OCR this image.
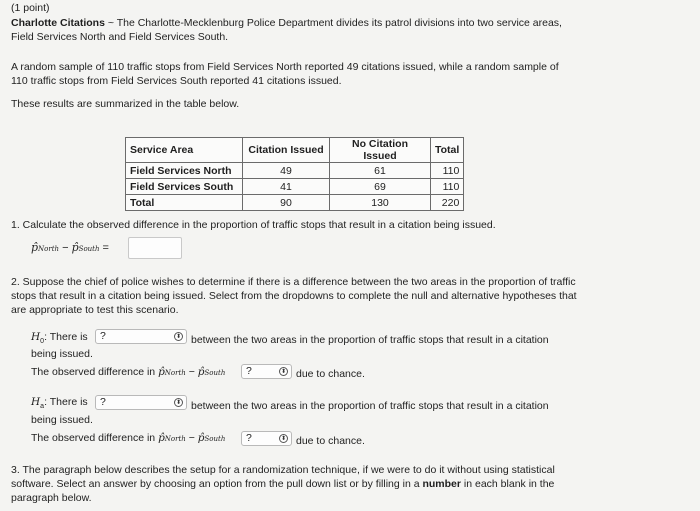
(1 point)
Charlotte Citations ~ The Charlotte-Mecklenburg Police Department divides its patrol divisions into two service areas,
Field Services North and Field Services South.
A random sample of 110 traffic stops from Field Services North reported 49 citations issued, while a random sample of
110 traffic stops from Field Services South reported 41 citations issued.
These results are summarized in the table below.
Service Area	Citation Issued	No Citation Issued	Total
Field Services North	49	61	110
Field Services South	41	69	110
Total	90	130	220
1. Calculate the observed difference in the proportion of traffic stops that result in a citation being issued.
p̂North − p̂South =
2. Suppose the chief of police wishes to determine if there is a difference between the two areas in the proportion of traffic
stops that result in a citation being issued. Select from the dropdowns to complete the null and alternative hypotheses that
are appropriate to test this scenario.
$H_0$: There is ?	⬍ between the two areas in the proportion of traffic stops that result in a citation
being issued.
The observed difference in p̂North − p̂South ?	⬍ due to chance.
$H_a$: There is ?	⬍ between the two areas in the proportion of traffic stops that result in a citation
being issued.
The observed difference in p̂North − p̂South ?	⬍ due to chance.
3. The paragraph below describes the setup for a randomization technique, if we were to do it without using statistical
software. Select an answer by choosing an option from the pull down list or by filling in a number in each blank in the
paragraph below.
